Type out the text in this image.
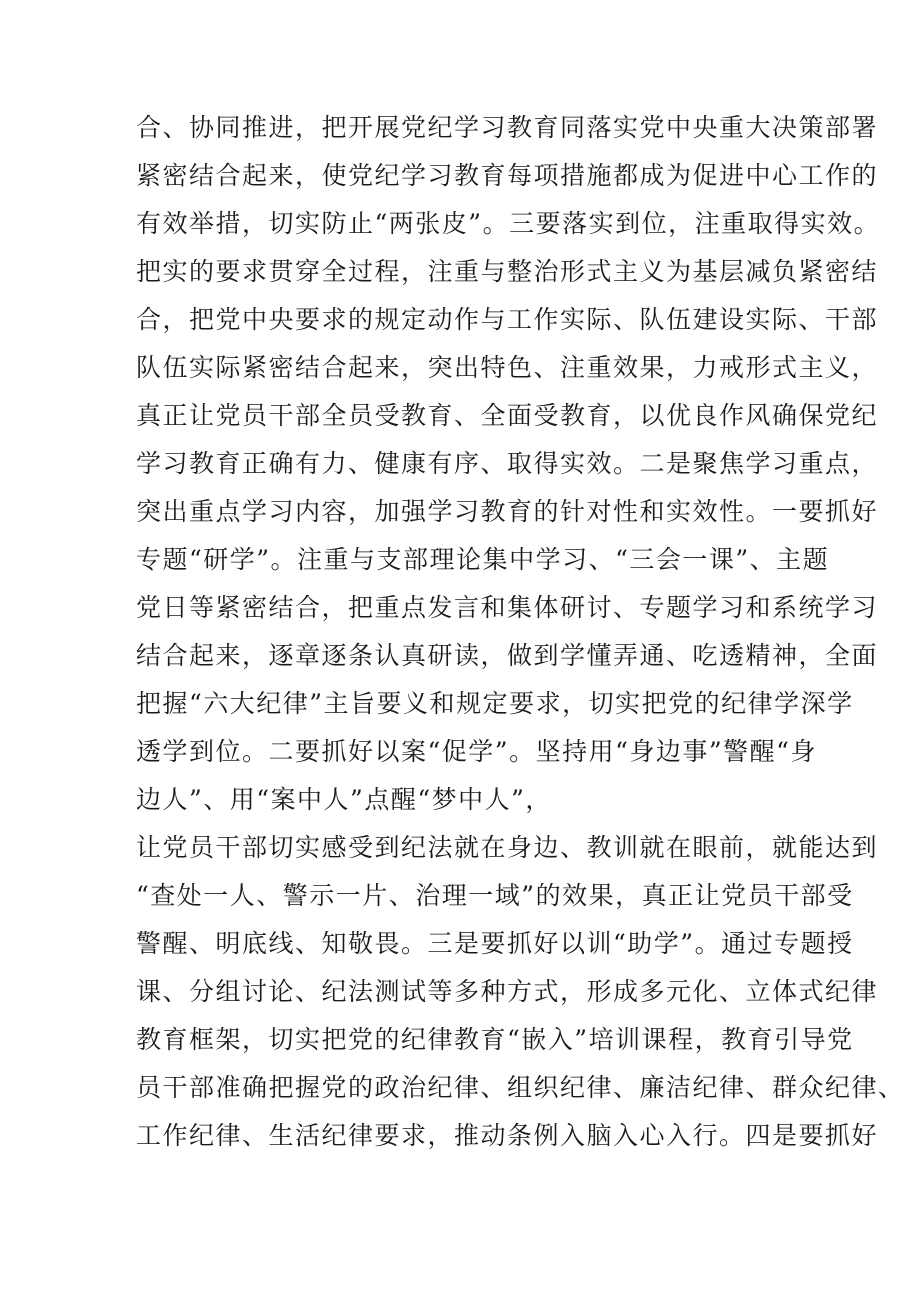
合、协同推进，把开展党纪学习教育同落实党中央重大决策部署
紧密结合起来，使党纪学习教育每项措施都成为促进中心工作的
有效举措，切实防止“两张皮”。三要落实到位，注重取得实效。
把实的要求贯穿全过程，注重与整治形式主义为基层减负紧密结
合，把党中央要求的规定动作与工作实际、队伍建设实际、干部
队伍实际紧密结合起来，突出特色、注重效果，力戒形式主义，
真正让党员干部全员受教育、全面受教育，以优良作风确保党纪
学习教育正确有力、健康有序、取得实效。二是聚焦学习重点，
突出重点学习内容，加强学习教育的针对性和实效性。一要抓好
专题“研学”。注重与支部理论集中学习、“三会一课”、主题
党日等紧密结合，把重点发言和集体研讨、专题学习和系统学习
结合起来，逐章逐条认真研读，做到学懂弄通、吃透精神，全面
把握“六大纪律”主旨要义和规定要求，切实把党的纪律学深学
透学到位。二要抓好以案“促学”。坚持用“身边事”警醒“身
边人”、用“案中人”点醒“梦中人”，
让党员干部切实感受到纪法就在身边、教训就在眼前，就能达到
“查处一人、警示一片、治理一域”的效果，真正让党员干部受
警醒、明底线、知敬畏。三是要抓好以训“助学”。通过专题授
课、分组讨论、纪法测试等多种方式，形成多元化、立体式纪律
教育框架，切实把党的纪律教育“嵌入”培训课程，教育引导党
员干部准确把握党的政治纪律、组织纪律、廉洁纪律、群众纪律、
工作纪律、生活纪律要求，推动条例入脑入心入行。四是要抓好
